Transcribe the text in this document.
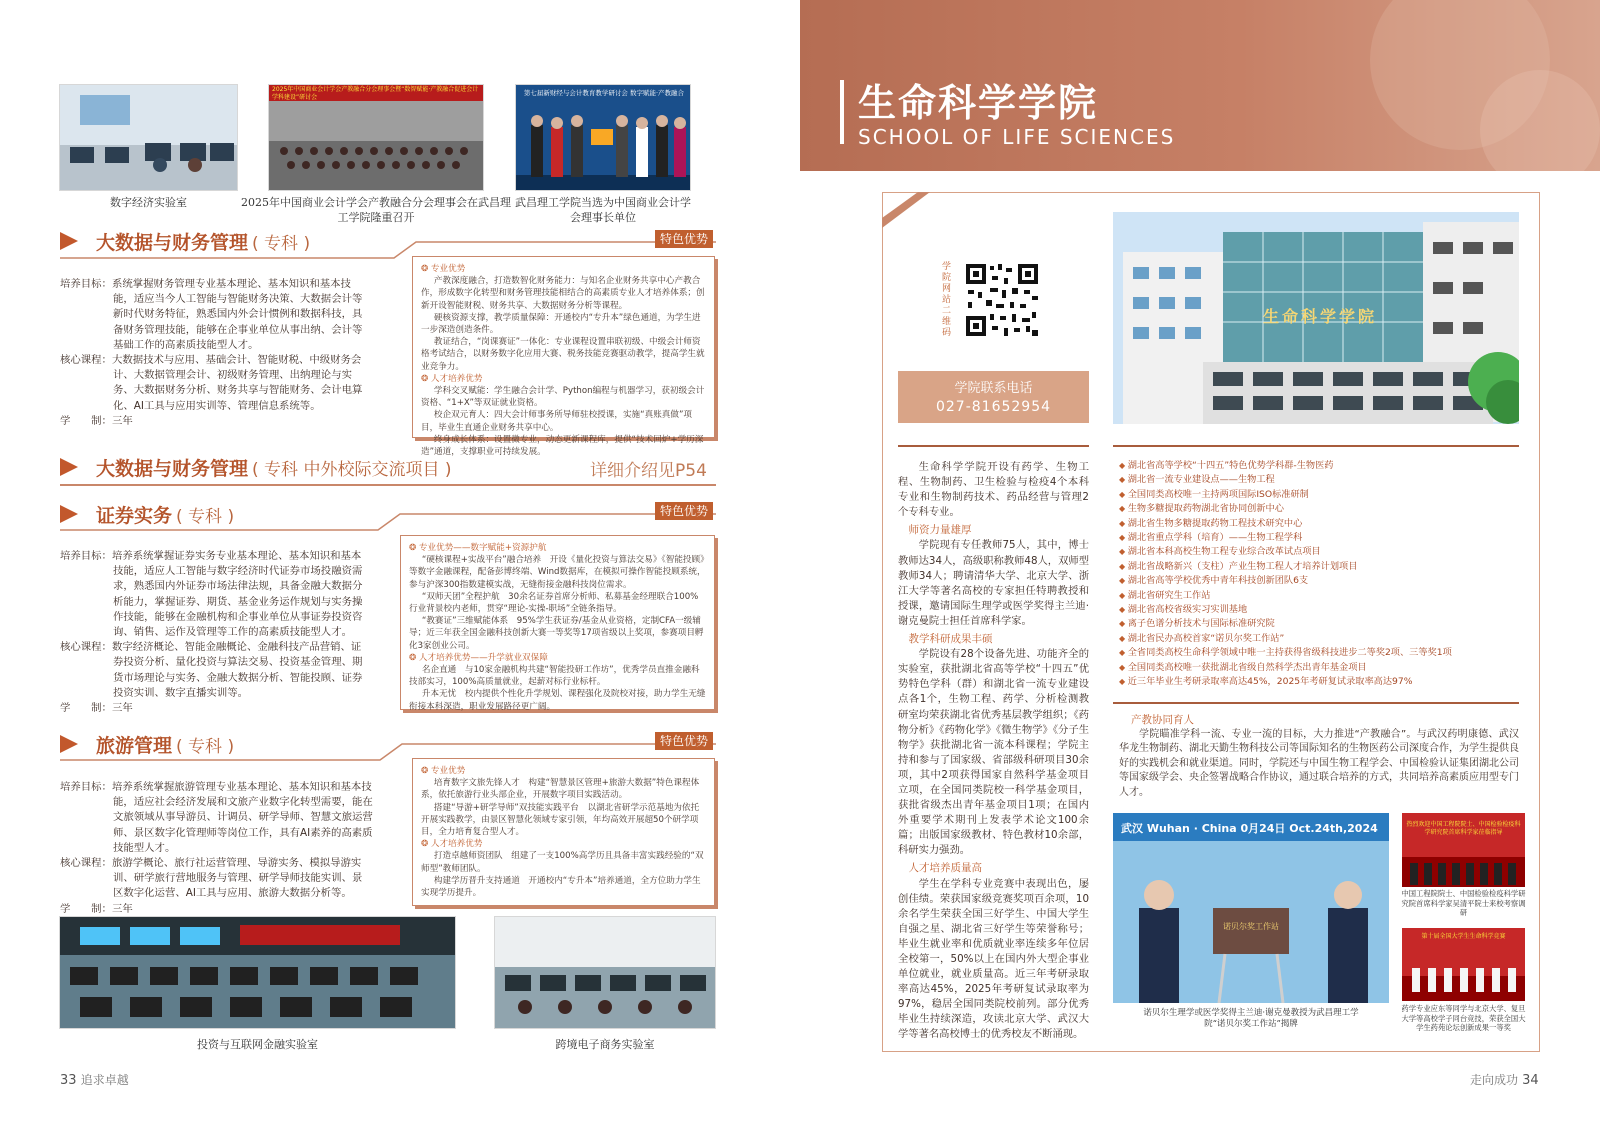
数字经济实验室
2025年中国商业会计学会产教融合分会理事会暨“数智赋能·产教融合促进会计学科建设”研讨会
2025年中国商业会计学会产教融合分会理事会在武昌理工学院隆重召开
第七届新财经与会计教育教学研讨会 数字赋能·产教融合
武昌理工学院当选为中国商业会计学会理事长单位
大数据与财务管理 ( 专科 )	特色优势

培养目标：系统掌握财务管理专业基本理论、基本知识和基本技

能，适应当今人工智能与智能财务决策、大数据会计等

新时代财务特征，熟悉国内外会计惯例和数据科技，具

备财务管理技能，能够在企事业单位从事出纳、会计等

基础工作的高素质技能型人才。

核心课程：大数据技术与应用、基础会计、智能财税、中级财务会

计、大数据管理会计、初级财务管理、出纳理论与实

务、大数据财务分析、财务共享与智能财务、会计电算

化、AI工具与应用实训等、管理信息系统等。

学　　制：三年

❂ 专业优势

产教深度融合，打造数智化财务能力：与知名企业财务共享中心产教合作，形成数字化转型和财务管理技能相结合的高素质专业人才培养体系；创新开设智能财税、财务共享、大数据财务分析等课程。

硬核资源支撑，教学质量保障：开通校内“专升本”绿色通道，为学生进一步深造创造条件。

教证结合，“岗课赛证”一体化：专业课程设置串联初级、中级会计师资格考试结合，以财务数字化应用大赛、税务技能竞赛驱动教学，提高学生就业竞争力。

❂ 人才培养优势

学科交叉赋能：学生融合会计学、Python编程与机器学习，获初级会计资格、“1+X”等双证就业资格。

校企双元育人：四大会计师事务所导师驻校授课，实施“真账真做”项目，毕业生直通企业财务共享中心。

终身成长体系：设置微专业，动态更新课程库，提供“技术回炉+学历深造”通道，支撑职业可持续发展。

大数据与财务管理 ( 专科 中外校际交流项目 )	详细介绍见P54
证券实务 ( 专科 )	特色优势

培养目标：培养系统掌握证券实务专业基本理论、基本知识和基本

技能，适应人工智能与数字经济时代证券市场投融资需

求，熟悉国内外证券市场法律法规，具备金融大数据分

析能力，掌握证券、期货、基金业务运作规划与实务操

作技能，能够在金融机构和企事业单位从事证券投资咨

询、销售、运作及管理等工作的高素质技能型人才。

核心课程：数字经济概论、智能金融概论、金融科技产品营销、证

券投资分析、量化投资与算法交易、投资基金管理、期

货市场理论与实务、金融大数据分析、智能投顾、证券

投资实训、数字直播实训等。

学　　制：三年

❂ 专业优势——数字赋能+资源护航

“硬核课程+实战平台”融合培养　开设《量化投资与算法交易》《智能投顾》等数字金融课程，配备彭博终端、Wind数据库，在模拟可操作智能投顾系统，参与沪深300指数建模实战，无缝衔接金融科技岗位需求。

“双师天团”全程护航　30余名证券首席分析师、私募基金经理联合100%行业背景校内老师，贯穿“理论-实操-职场”全链条指导。

“教赛证”三维赋能体系　95%学生获证券/基金从业资格，定制CFA一级辅导；近三年获全国金融科技创新大赛一等奖等17项省级以上奖项，参赛项目孵化3家创业公司。

❂ 人才培养优势——升学就业双保障

名企直通　与10家金融机构共建“智能投研工作坊”，优秀学员直推金融科技部实习，100%高质量就业，起薪对标行业标杆。

升本无忧　校内提供个性化升学规划、课程强化及院校对接，助力学生无缝衔接本科深造，职业发展路径更广阔。

旅游管理 ( 专科 )	特色优势

培养目标：培养系统掌握旅游管理专业基本理论、基本知识和基本技

能，适应社会经济发展和文旅产业数字化转型需要，能在

文旅领域从事导游员、计调员、研学导师、智慧文旅运营

师、景区数字化管理师等岗位工作，具有AI素养的高素质

技能型人才。

核心课程：旅游学概论、旅行社运营管理、导游实务、模拟导游实

训、研学旅行营地服务与管理、研学导师技能实训、景

区数字化运营、AI工具与应用、旅游大数据分析等。

学　　制：三年

❂ 专业优势

培育数字文旅先锋人才　构建“智慧景区管理+旅游大数据”特色课程体系，依托旅游行业头部企业，开展数字项目实践活动。

搭建“导游+研学导师”双技能实践平台　以湖北省研学示范基地为依托开展实践教学，由景区智慧化领域专家引领，年均高效开展超50个研学项目，全力培育复合型人才。

❂ 人才培养优势

打造卓越师资团队　组建了一支100%高学历且具备丰富实践经验的“双师型”教师团队。

构建学历晋升支持通道　开通校内“专升本”培养通道，全方位助力学生实现学历提升。

投资与互联网金融实验室	跨境电子商务实验室
33 追求卓越
生命科学学院
SCHOOL OF LIFE SCIENCES
学院网站二维码
学院联系电话
027-81652954
生命科学学院

生命科学学院开设有药学、生物工程、生物制药、卫生检验与检疫4个本科专业和生物制药技术、药品经营与管理2个专科专业。

师资力量雄厚

学院现有专任教师75人，其中，博士教师达34人，高级职称教师48人，双师型教师34人；聘请清华大学、北京大学、浙江大学等著名高校的专家担任特聘教授和授课，邀请国际生理学或医学奖得主兰迪·谢克曼院士担任首席科学家。

教学科研成果丰硕

学院设有28个设备先进、功能齐全的实验室，获批湖北省高等学校“十四五”优势特色学科（群）和湖北省一流专业建设点各1个，生物工程、药学、分析检测教研室均荣获湖北省优秀基层教学组织；《药物分析》《药物化学》《微生物学》《分子生物学》获批湖北省一流本科课程；学院主持和参与了国家级、省部级科研项目30余项，其中2项获得国家自然科学基金项目立项，在全国同类院校一科学基金项目，获批省级杰出青年基金项目1项；在国内外重要学术期刊上发表学术论文100余篇；出版国家级教材、特色教材10余部，科研实力强劲。

人才培养质量高

学生在学科专业竞赛中表现出色，屡创佳绩。荣获国家级竞赛奖项百余项，10余名学生荣获全国三好学生、中国大学生自强之星、湖北省三好学生等荣誉称号；毕业生就业率和优质就业率连续多年位居全校第一，50%以上在国内外大型企事业单位就业，就业质量高。近三年考研录取率高达45%，2025年考研复试录取率为97%，稳居全国同类院校前列。部分优秀毕业生持续深造，攻读北京大学、武汉大学等著名高校博士的优秀校友不断涌现。

◆ 湖北省高等学校“十四五”特色优势学科群-生物医药
◆ 湖北省一流专业建设点——生物工程
◆ 全国同类高校唯一主持两项国际ISO标准研制
◆ 生物多糖提取药物湖北省协同创新中心
◆ 湖北省生物多糖提取药物工程技术研究中心
◆ 湖北省重点学科（培育）——生物工程学科
◆ 湖北省本科高校生物工程专业综合改革试点项目
◆ 湖北省战略新兴（支柱）产业生物工程人才培养计划项目
◆ 湖北省高等学校优秀中青年科技创新团队6支
◆ 湖北省研究生工作站
◆ 湖北省高校省级实习实训基地
◆ 离子色谱分析技术与国际标准研究院
◆ 湖北省民办高校首家“诺贝尔奖工作站”
◆ 全省同类高校生命科学领域中唯一主持获得省级科技进步二等奖2项、三等奖1项
◆ 全国同类高校唯一获批湖北省级自然科学杰出青年基金项目
◆ 近三年毕业生考研录取率高达45%，2025年考研复试录取率高达97%

产教协同育人

学院瞄准学科一流、专业一流的目标，大力推进“产教融合”。与武汉药明康德、武汉华龙生物制药、湖北天勤生物科技公司等国际知名的生物医药公司深度合作，为学生提供良好的实践机会和就业渠道。同时，学院还与中国生物工程学会、中国检验认证集团湖北公司等国家级学会、央企签署战略合作协议，通过联合培养的方式，共同培养高素质应用型专门人才。

武汉 Wuhan · China 0月24日 Oct.24th,2024
诺贝尔奖工作站
诺贝尔生理学或医学奖得主兰迪·谢克曼教授为武昌理工学院“诺贝尔奖工作站”揭牌
热烈欢迎中国工程院院士、中国检验检疫科学研究院首席科学家莅临指导
中国工程院院士、中国检验检疫科学研究院首席科学家吴清平院士来校考察调研
第十届全国大学生生命科学竞赛
药学专业应东等同学与北京大学、复旦大学等高校学子同台竞技，荣获全国大学生药苑论坛创新成果一等奖
走向成功 34
